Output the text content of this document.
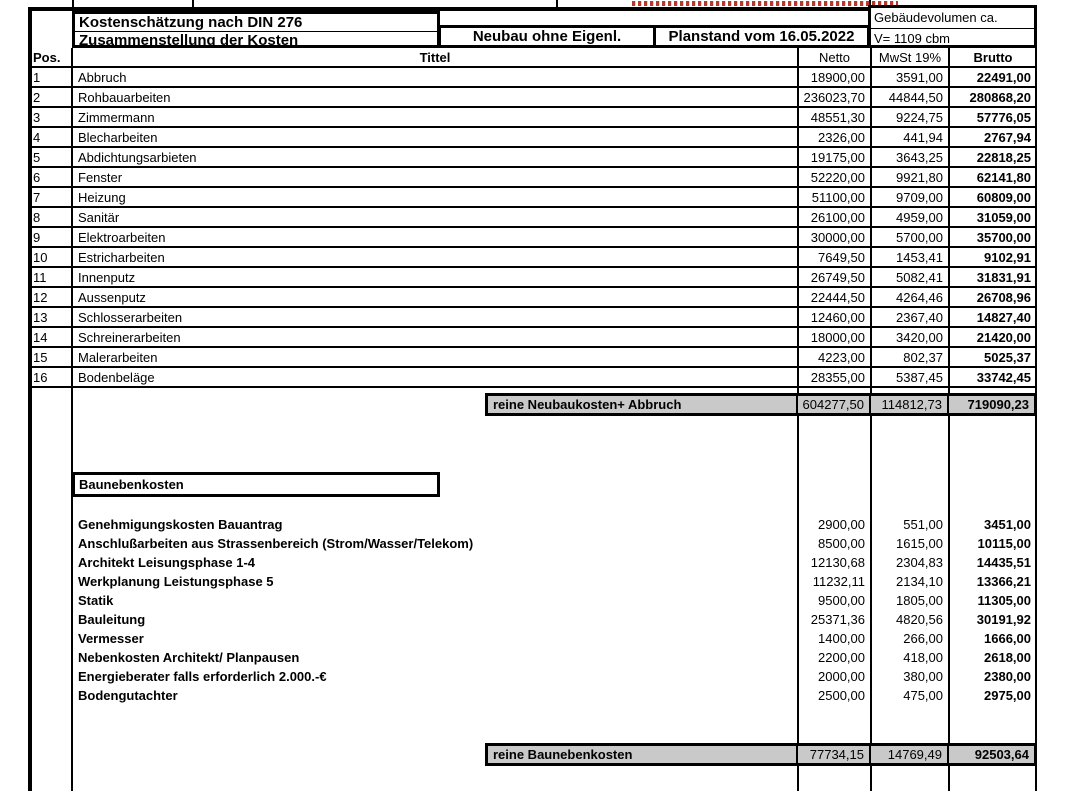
Kostenschätzung nach DIN 276
Zusammenstellung der Kosten	Neubau ohne Eigenl.	Planstand vom 16.05.2022
Gebäudevolumen ca.
V= 1109 cbm
Pos.	Tittel	Netto	MwSt 19%	Brutto
1	Abbruch	18900,00	3591,00	22491,00
2	Rohbauarbeiten	236023,70	44844,50	280868,20
3	Zimmermann	48551,30	9224,75	57776,05
4	Blecharbeiten	2326,00	441,94	2767,94
5	Abdichtungsarbieten	19175,00	3643,25	22818,25
6	Fenster	52220,00	9921,80	62141,80
7	Heizung	51100,00	9709,00	60809,00
8	Sanitär	26100,00	4959,00	31059,00
9	Elektroarbeiten	30000,00	5700,00	35700,00
10	Estricharbeiten	7649,50	1453,41	9102,91
11	Innenputz	26749,50	5082,41	31831,91
12	Aussenputz	22444,50	4264,46	26708,96
13	Schlosserarbeiten	12460,00	2367,40	14827,40
14	Schreinerarbeiten	18000,00	3420,00	21420,00
15	Malerarbeiten	4223,00	802,37	5025,37
16	Bodenbeläge	28355,00	5387,45	33742,45
reine Neubaukosten+ Abbruch	604277,50	114812,73	719090,23
Baunebenkosten
Genehmigungskosten Bauantrag	2900,00	551,00	3451,00
Anschlußarbeiten aus Strassenbereich (Strom/Wasser/Telekom)	8500,00	1615,00	10115,00
Architekt Leisungsphase 1-4	12130,68	2304,83	14435,51
Werkplanung Leistungsphase 5	11232,11	2134,10	13366,21
Statik	9500,00	1805,00	11305,00
Bauleitung	25371,36	4820,56	30191,92
Vermesser	1400,00	266,00	1666,00
Nebenkosten Architekt/ Planpausen	2200,00	418,00	2618,00
Energieberater falls erforderlich 2.000.-€	2000,00	380,00	2380,00
Bodengutachter	2500,00	475,00	2975,00
reine Baunebenkosten	77734,15	14769,49	92503,64
